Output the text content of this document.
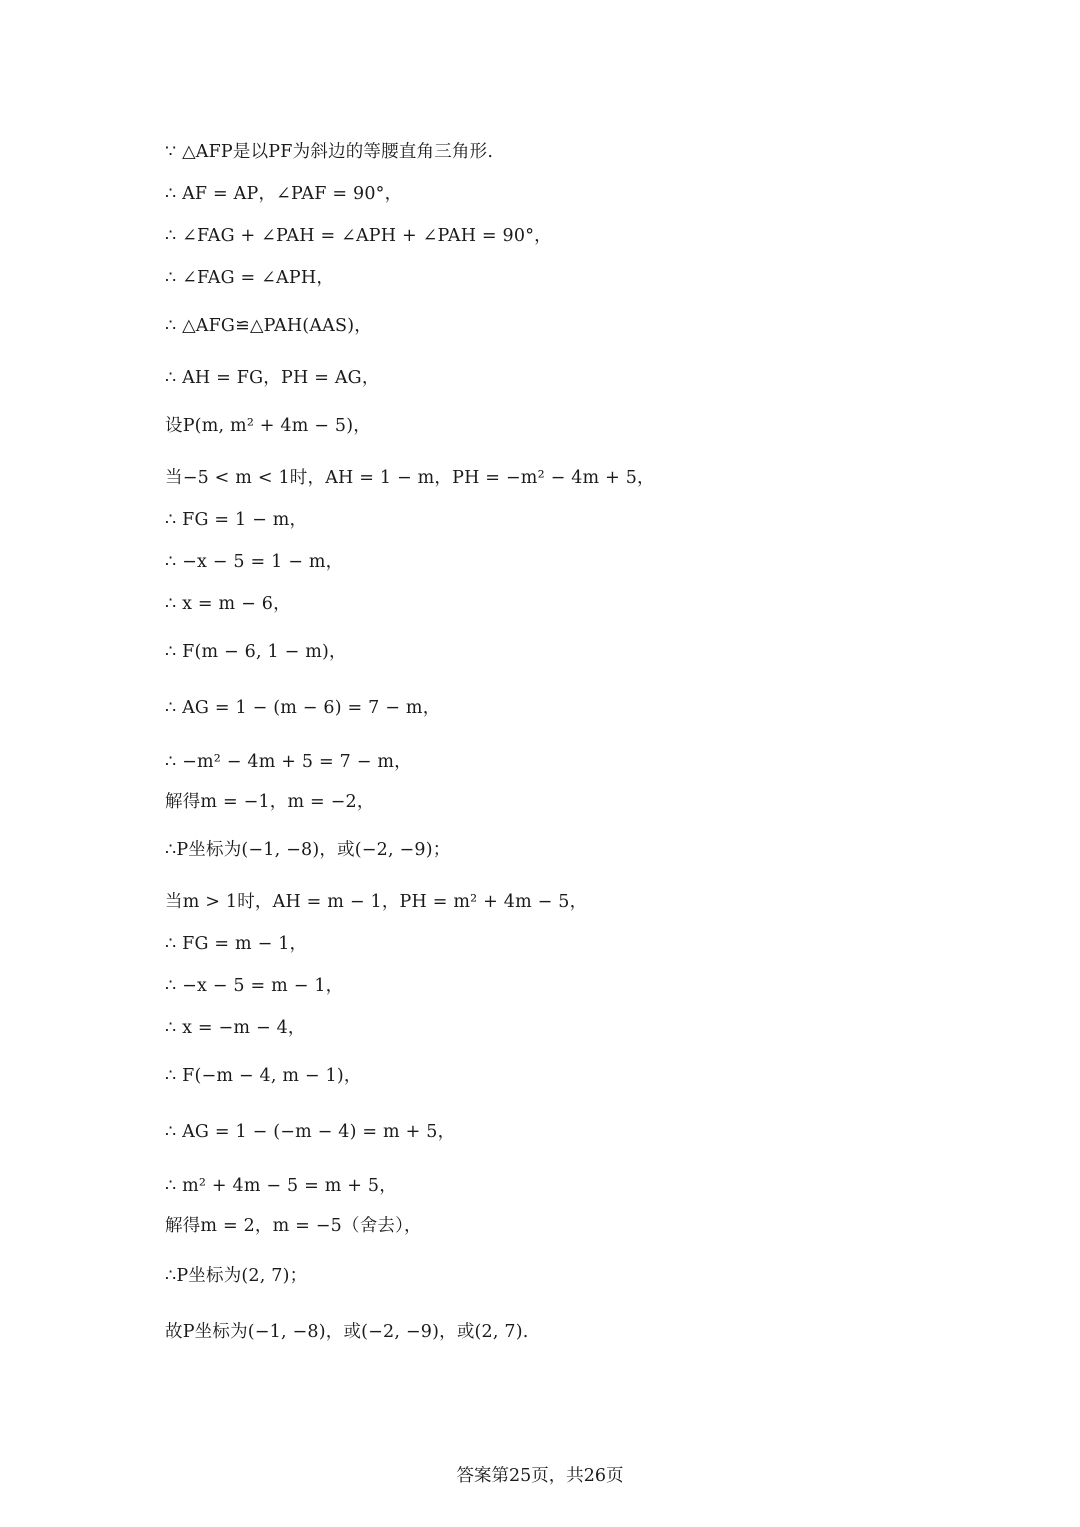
∵ △AFP是以PF为斜边的等腰直角三角形.
∴ AF = AP，∠PAF = 90°，
∴ ∠FAG + ∠PAH = ∠APH + ∠PAH = 90°，
∴ ∠FAG = ∠APH，
∴ △AFG≌△PAH(AAS)，
∴ AH = FG，PH = AG，
设P(m, m² + 4m − 5)，
当−5 < m < 1时，AH = 1 − m，PH = −m² − 4m + 5，
∴ FG = 1 − m，
∴ −x − 5 = 1 − m，
∴ x = m − 6，
∴ F(m − 6, 1 − m)，
∴ AG = 1 − (m − 6) = 7 − m，
∴ −m² − 4m + 5 = 7 − m，
解得m = −1，m = −2，
∴P坐标为(−1, −8)，或(−2, −9)；
当m > 1时，AH = m − 1，PH = m² + 4m − 5，
∴ FG = m − 1，
∴ −x − 5 = m − 1，
∴ x = −m − 4，
∴ F(−m − 4, m − 1)，
∴ AG = 1 − (−m − 4) = m + 5，
∴ m² + 4m − 5 = m + 5，
解得m = 2，m = −5（舍去），
∴P坐标为(2, 7)；
故P坐标为(−1, −8)，或(−2, −9)，或(2, 7).
答案第25页，共26页
